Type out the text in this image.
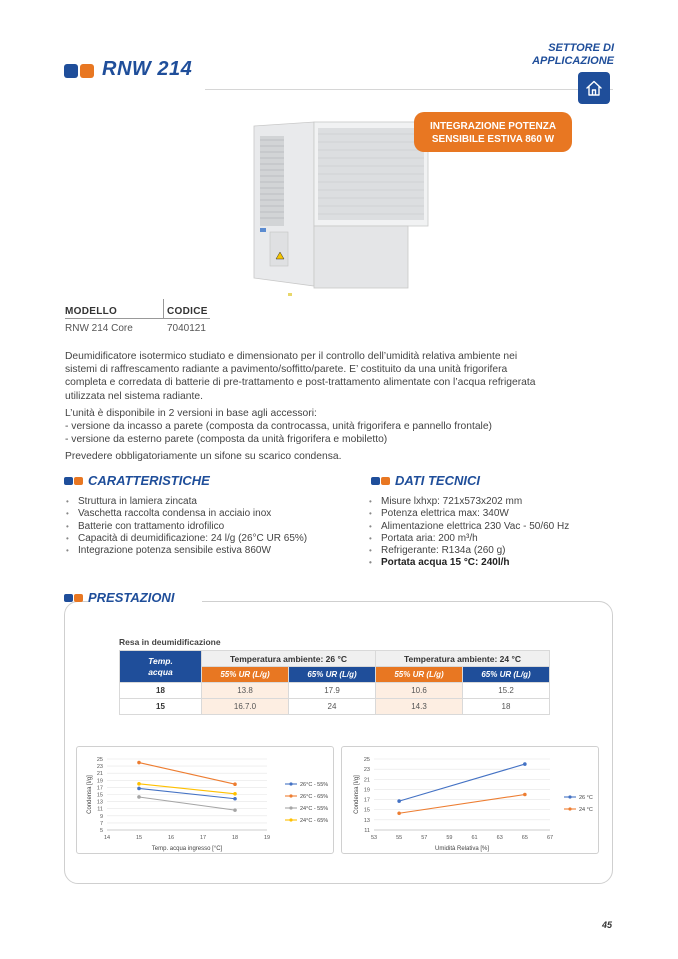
RNW 214
SETTORE DI
APPLICAZIONE
INTEGRAZIONE POTENZA
SENSIBILE ESTIVA 860 W
MODELLO	CODICE
RNW 214 Core	7040121

Deumidificatore isotermico studiato e dimensionato per il controllo dell’umidità relativa ambiente nei
sistemi di raffrescamento radiante a pavimento/soffitto/parete. E’ costituito da una unità frigorifera
completa e corredata di batterie di pre-trattamento e post-trattamento alimentate con l’acqua refrigerata
utilizzata nel sistema radiante.

L’unità è disponibile in 2 versioni in base agli accessori:
- versione da incasso a parete (composta da controcassa, unità frigorifera e pannello frontale)
- versione da esterno parete (composta da unità frigorifera e mobiletto)

Prevedere obbligatoriamente un sifone su scarico condensa.

CARATTERISTICHE
• Struttura in lamiera zincata
• Vaschetta raccolta condensa in acciaio inox
• Batterie con trattamento idrofilico
• Capacità di deumidificazione: 24 l/g (26°C UR 65%)
• Integrazione potenza sensibile estiva 860W
DATI TECNICI
• Misure lxhxp: 721x573x202 mm
• Potenza elettrica max: 340W
• Alimentazione elettrica 230 Vac - 50/60 Hz
• Portata aria: 200 m³/h
• Refrigerante: R134a (260 g)
• Portata acqua 15 °C: 240l/h
PRESTAZIONI
Resa in deumidificazione
Temp.
acqua	Temperatura ambiente: 26 °C		Temperatura ambiente: 24 °C	
	55% UR (L/g)	65% UR (L/g)	55% UR (L/g)	65% UR (L/g)
18	13.8	17.9	10.6	15.2
15	16.7.0	24	14.3	18
5
7
9
11
13
15
17
19
21
23
25
14	15	16	17	18	19
Temp. acqua ingresso [°C]
Condensa [l/g]	26°C - 55%
26°C - 65%
24°C - 55%
24°C - 65%
11
13
15
17
19
21
23
25
53	55	57	59	61	63	65	67
Umidità Relativa [%]
Condensa [l/g]	26 °C
24 °C
45
